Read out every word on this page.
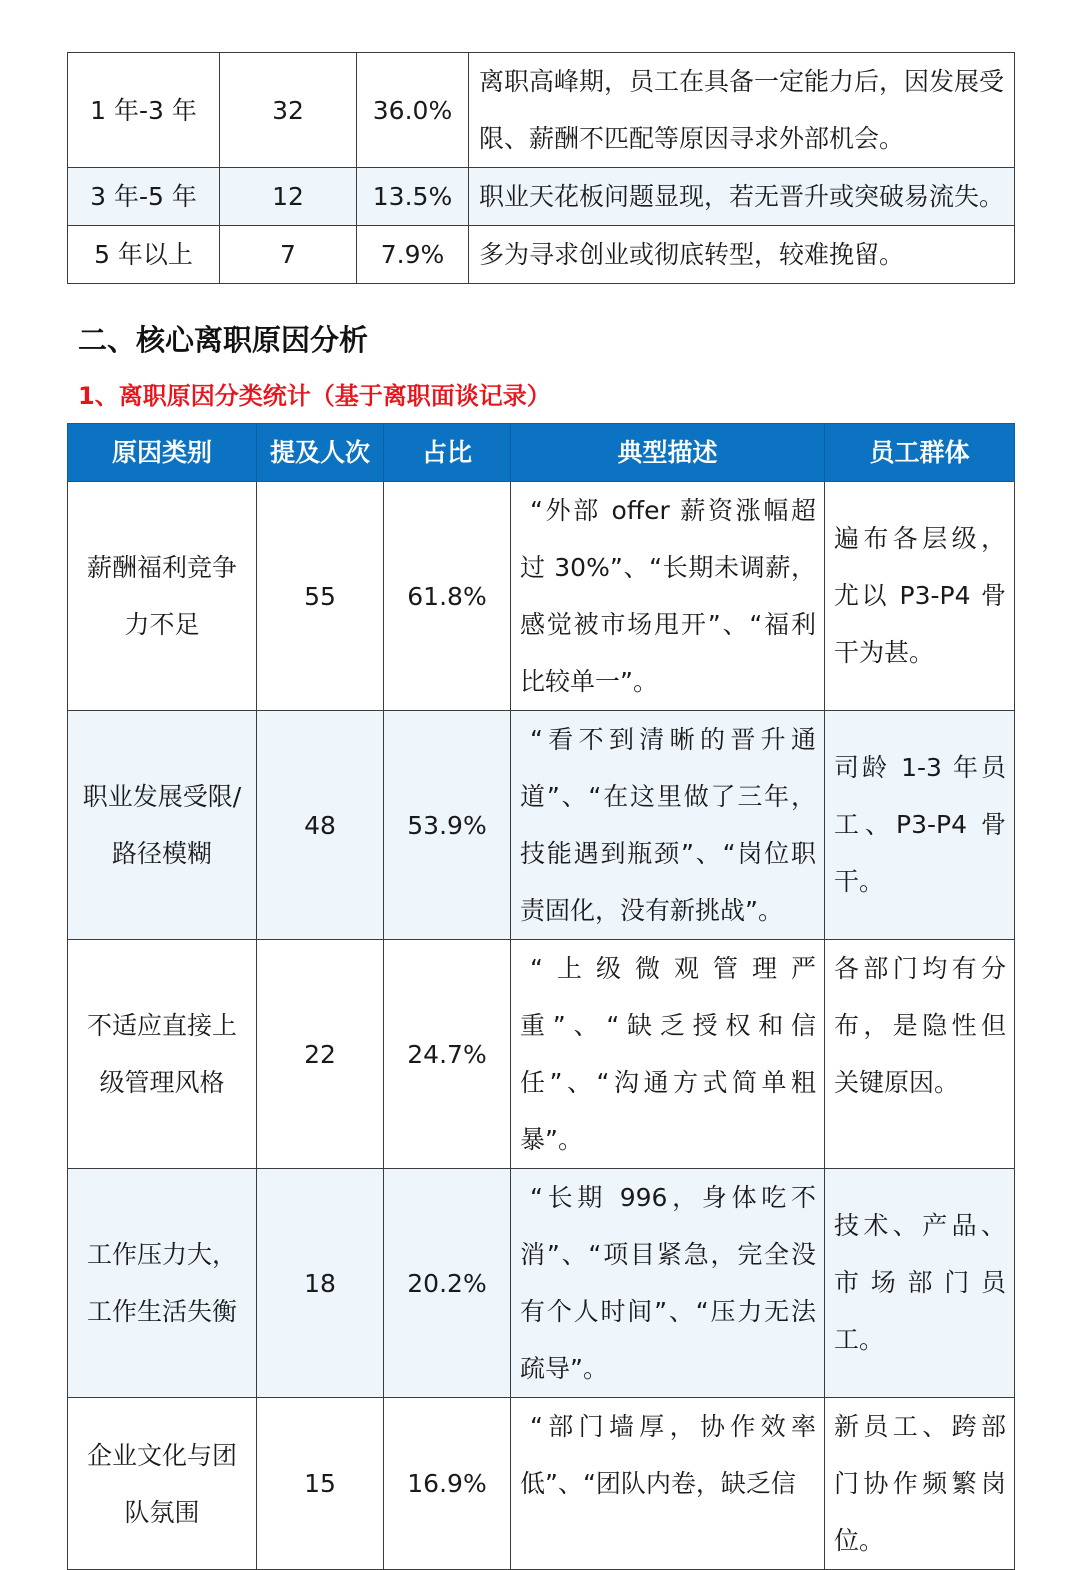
1 年-3 年	32	36.0%	离职高峰期，员工在具备一定能力后，因发展受限、薪酬不匹配等原因寻求外部机会。
3 年-5 年	12	13.5%	职业天花板问题显现，若无晋升或突破易流失。
5 年以上	7	7.9%	多为寻求创业或彻底转型，较难挽留。
二、核心离职原因分析
1、离职原因分类统计（基于离职面谈记录）
原因类别	提及人次	占比	典型描述	员工群体
薪酬福利竞争力不足	55	61.8%	“外部 offer 薪资涨幅超过 30%”、“长期未调薪，感觉被市场甩开”、“福利比较单一”。	遍布各层级，尤以 P3-P4 骨干为甚。
职业发展受限/路径模糊	48	53.9%	“看不到清晰的晋升通道”、“在这里做了三年，技能遇到瓶颈”、“岗位职责固化，没有新挑战”。	司龄 1-3 年员工、P3-P4 骨干。
不适应直接上级管理风格	22	24.7%	“上级微观管理严重”、“缺乏授权和信任”、“沟通方式简单粗暴”。	各部门均有分布，是隐性但关键原因。
工作压力大，工作生活失衡	18	20.2%	“长期 996，身体吃不消”、“项目紧急，完全没有个人时间”、“压力无法疏导”。	技术、产品、市场部门员工。
企业文化与团队氛围	15	16.9%	“部门墙厚，协作效率低”、“团队内卷，缺乏信	新员工、跨部门协作频繁岗位。
